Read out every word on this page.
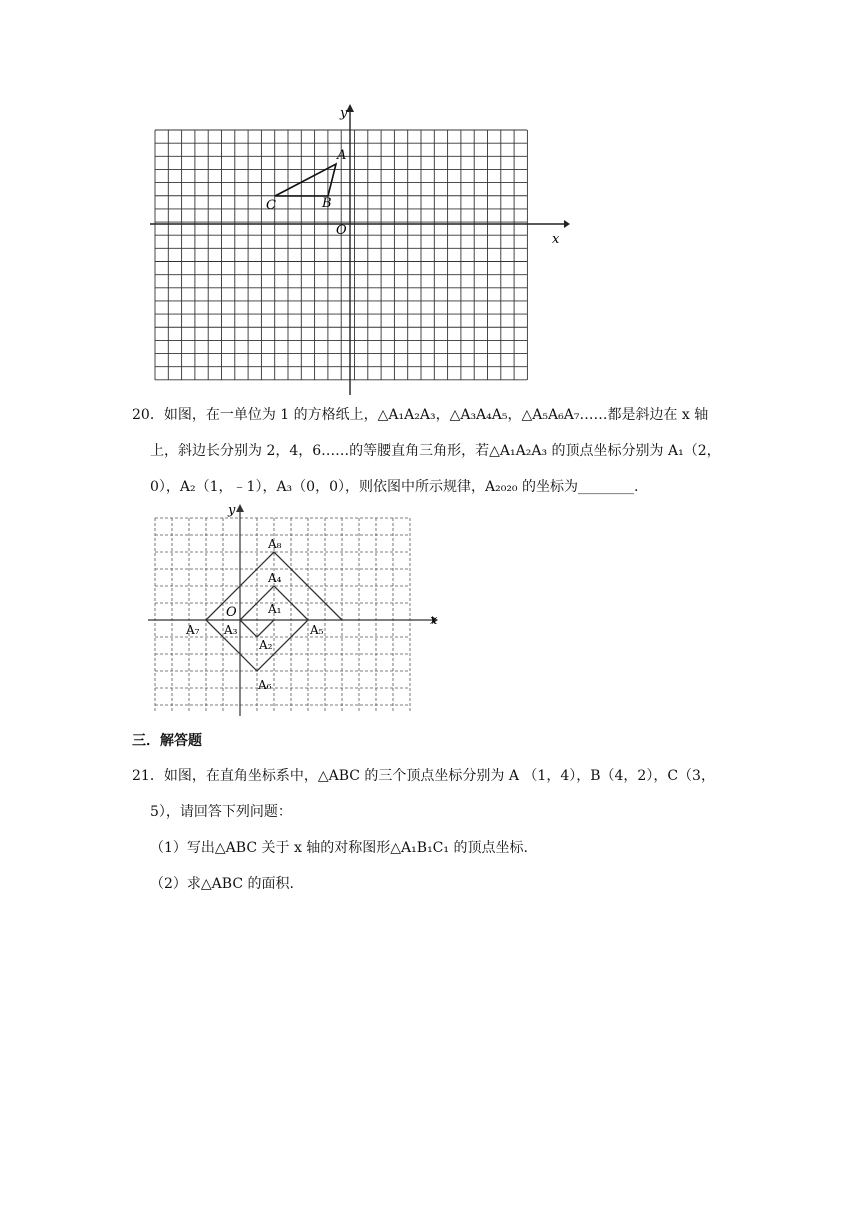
y
x
O
A
B
C

20．如图，在一单位为 1 的方格纸上，△A₁A₂A₃，△A₃A₄A₅，△A₅A₆A₇……都是斜边在 x 轴
上，斜边长分别为 2，4，6……的等腰直角三角形，若△A₁A₂A₃ 的顶点坐标分别为 A₁（2，
0），A₂（1，﹣1），A₃（0，0），则依图中所示规律，A₂₀₂₀ 的坐标为________.

y
x
O	A₁
A₂
A₃
A₄
A₅
A₆
A₇
A₈
三．解答题

21．如图，在直角坐标系中，△ABC 的三个顶点坐标分别为 A （1，4），B（4，2），C（3，
5），请回答下列问题：
（1）写出△ABC 关于 x 轴的对称图形△A₁B₁C₁ 的顶点坐标.
（2）求△ABC 的面积.
